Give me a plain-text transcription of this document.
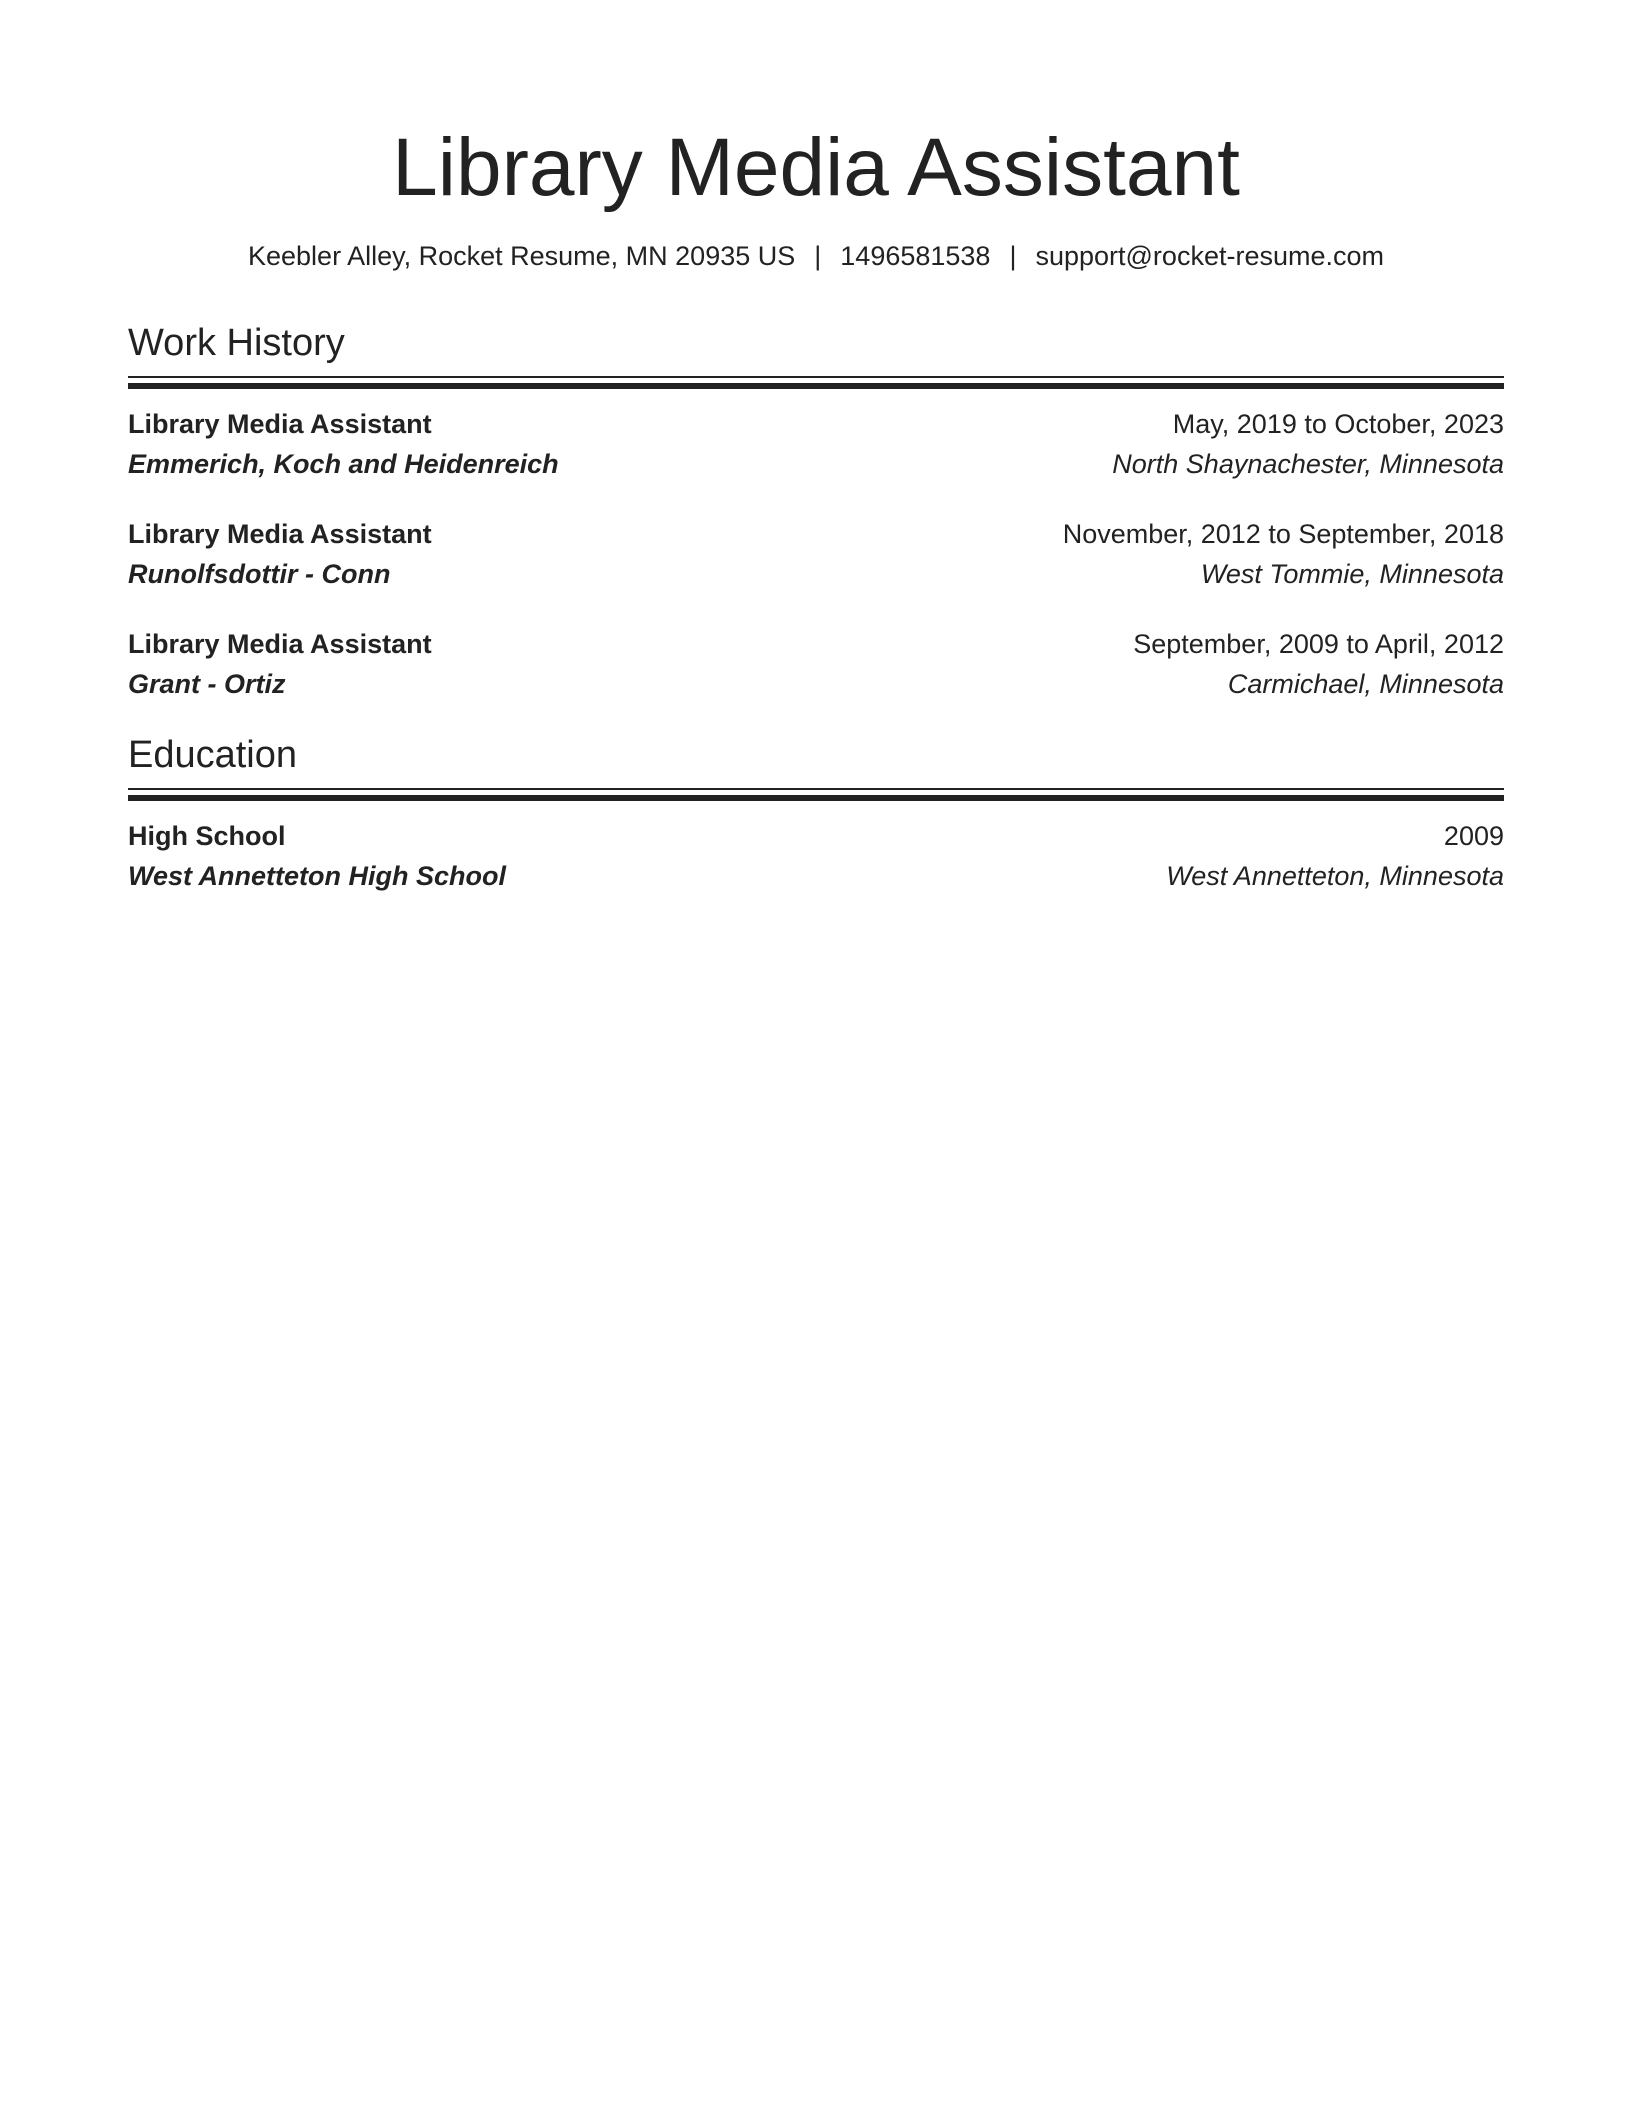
Library Media Assistant
Keebler Alley, Rocket Resume, MN 20935 US | 1496581538 | support@rocket-resume.com
Work History
Library Media Assistant	May, 2019 to October, 2023
Emmerich, Koch and Heidenreich	North Shaynachester, Minnesota
Library Media Assistant	November, 2012 to September, 2018
Runolfsdottir - Conn	West Tommie, Minnesota
Library Media Assistant	September, 2009 to April, 2012
Grant - Ortiz	Carmichael, Minnesota
Education
High School	2009
West Annetteton High School	West Annetteton, Minnesota
